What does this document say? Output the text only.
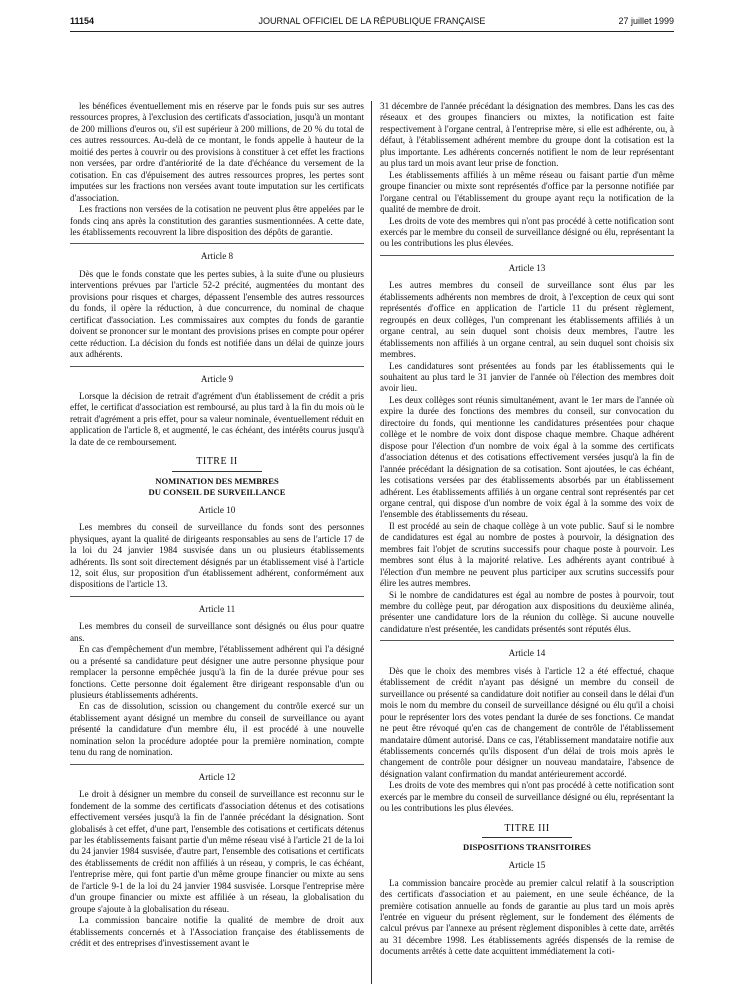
11154	JOURNAL OFFICIEL DE LA RÉPUBLIQUE FRANÇAISE	27 juillet 1999

les bénéfices éventuellement mis en réserve par le fonds puis sur ses autres ressources propres, à l'exclusion des certificats d'association, jusqu'à un montant de 200 millions d'euros ou, s'il est supérieur à 200 millions, de 20 % du total de ces autres ressources. Au-delà de ce montant, le fonds appelle à hauteur de la moitié des pertes à couvrir ou des provisions à constituer à cet effet les fractions non versées, par ordre d'antériorité de la date d'échéance du versement de la cotisation. En cas d'épuisement des autres ressources propres, les pertes sont imputées sur les fractions non versées avant toute imputation sur les certificats d'association.

Les fractions non versées de la cotisation ne peuvent plus être appelées par le fonds cinq ans après la constitution des garanties susmentionnées. A cette date, les établissements recouvrent la libre disposition des dépôts de garantie.

Article 8

Dès que le fonds constate que les pertes subies, à la suite d'une ou plusieurs interventions prévues par l'article 52-2 précité, augmentées du montant des provisions pour risques et charges, dépassent l'ensemble des autres ressources du fonds, il opère la réduction, à due concurrence, du nominal de chaque certificat d'association. Les commissaires aux comptes du fonds de garantie doivent se prononcer sur le montant des provisions prises en compte pour opérer cette réduction. La décision du fonds est notifiée dans un délai de quinze jours aux adhérents.

Article 9

Lorsque la décision de retrait d'agrément d'un établissement de crédit a pris effet, le certificat d'association est remboursé, au plus tard à la fin du mois où le retrait d'agrément a pris effet, pour sa valeur nominale, éventuellement réduit en application de l'article 8, et augmenté, le cas échéant, des intérêts courus jusqu'à la date de ce remboursement.

TITRE II

NOMINATION DES MEMBRES

DU CONSEIL DE SURVEILLANCE

Article 10

Les membres du conseil de surveillance du fonds sont des personnes physiques, ayant la qualité de dirigeants responsables au sens de l'article 17 de la loi du 24 janvier 1984 susvisée dans un ou plusieurs établissements adhérents. Ils sont soit directement désignés par un établissement visé à l'article 12, soit élus, sur proposition d'un établissement adhérent, conformément aux dispositions de l'article 13.

Article 11

Les membres du conseil de surveillance sont désignés ou élus pour quatre ans.

En cas d'empêchement d'un membre, l'établissement adhérent qui l'a désigné ou a présenté sa candidature peut désigner une autre personne physique pour remplacer la personne empêchée jusqu'à la fin de la durée prévue pour ses fonctions. Cette personne doit également être dirigeant responsable d'un ou plusieurs établissements adhérents.

En cas de dissolution, scission ou changement du contrôle exercé sur un établissement ayant désigné un membre du conseil de surveillance ou ayant présenté la candidature d'un membre élu, il est procédé à une nouvelle nomination selon la procédure adoptée pour la première nomination, compte tenu du rang de nomination.

Article 12

Le droit à désigner un membre du conseil de surveillance est reconnu sur le fondement de la somme des certificats d'association détenus et des cotisations effectivement versées jusqu'à la fin de l'année précédant la désignation. Sont globalisés à cet effet, d'une part, l'ensemble des cotisations et certificats détenus par les établissements faisant partie d'un même réseau visé à l'article 21 de la loi du 24 janvier 1984 susvisée, d'autre part, l'ensemble des cotisations et certificats des établissements de crédit non affiliés à un réseau, y compris, le cas échéant, l'entreprise mère, qui font partie d'un même groupe financier ou mixte au sens de l'article 9-1 de la loi du 24 janvier 1984 susvisée. Lorsque l'entreprise mère d'un groupe financier ou mixte est affiliée à un réseau, la globalisation du groupe s'ajoute à la globalisation du réseau.

La commission bancaire notifie la qualité de membre de droit aux établissements concernés et à l'Association française des établissements de crédit et des entreprises d'investissement avant le

31 décembre de l'année précédant la désignation des membres. Dans les cas des réseaux et des groupes financiers ou mixtes, la notification est faite respectivement à l'organe central, à l'entreprise mère, si elle est adhérente, ou, à défaut, à l'établissement adhérent membre du groupe dont la cotisation est la plus importante. Les adhérents concernés notifient le nom de leur représentant au plus tard un mois avant leur prise de fonction.

Les établissements affiliés à un même réseau ou faisant partie d'un même groupe financier ou mixte sont représentés d'office par la personne notifiée par l'organe central ou l'établissement du groupe ayant reçu la notification de la qualité de membre de droit.

Les droits de vote des membres qui n'ont pas procédé à cette notification sont exercés par le membre du conseil de surveillance désigné ou élu, représentant la ou les contributions les plus élevées.

Article 13

Les autres membres du conseil de surveillance sont élus par les établissements adhérents non membres de droit, à l'exception de ceux qui sont représentés d'office en application de l'article 11 du présent règlement, regroupés en deux collèges, l'un comprenant les établissements affiliés à un organe central, au sein duquel sont choisis deux membres, l'autre les établissements non affiliés à un organe central, au sein duquel sont choisis six membres.

Les candidatures sont présentées au fonds par les établissements qui le souhaitent au plus tard le 31 janvier de l'année où l'élection des membres doit avoir lieu.

Les deux collèges sont réunis simultanément, avant le 1er mars de l'année où expire la durée des fonctions des membres du conseil, sur convocation du directoire du fonds, qui mentionne les candidatures présentées pour chaque collège et le nombre de voix dont dispose chaque membre. Chaque adhérent dispose pour l'élection d'un nombre de voix égal à la somme des certificats d'association détenus et des cotisations effectivement versées jusqu'à la fin de l'année précédant la désignation de sa cotisation. Sont ajoutées, le cas échéant, les cotisations versées par des établissements absorbés par un établissement adhérent. Les établissements affiliés à un organe central sont représentés par cet organe central, qui dispose d'un nombre de voix égal à la somme des voix de l'ensemble des établissements du réseau.

Il est procédé au sein de chaque collège à un vote public. Sauf si le nombre de candidatures est égal au nombre de postes à pourvoir, la désignation des membres fait l'objet de scrutins successifs pour chaque poste à pourvoir. Les membres sont élus à la majorité relative. Les adhérents ayant contribué à l'élection d'un membre ne peuvent plus participer aux scrutins successifs pour élire les autres membres.

Si le nombre de candidatures est égal au nombre de postes à pourvoir, tout membre du collège peut, par dérogation aux dispositions du deuxième alinéa, présenter une candidature lors de la réunion du collège. Si aucune nouvelle candidature n'est présentée, les candidats présentés sont réputés élus.

Article 14

Dès que le choix des membres visés à l'article 12 a été effectué, chaque établissement de crédit n'ayant pas désigné un membre du conseil de surveillance ou présenté sa candidature doit notifier au conseil dans le délai d'un mois le nom du membre du conseil de surveillance désigné ou élu qu'il a choisi pour le représenter lors des votes pendant la durée de ses fonctions. Ce mandat ne peut être révoqué qu'en cas de changement de contrôle de l'établissement mandataire dûment autorisé. Dans ce cas, l'établissement mandataire notifie aux établissements concernés qu'ils disposent d'un délai de trois mois après le changement de contrôle pour désigner un nouveau mandataire, l'absence de désignation valant confirmation du mandat antérieurement accordé.

Les droits de vote des membres qui n'ont pas procédé à cette notification sont exercés par le membre du conseil de surveillance désigné ou élu, représentant la ou les contributions les plus élevées.

TITRE III

DISPOSITIONS TRANSITOIRES

Article 15

La commission bancaire procède au premier calcul relatif à la souscription des certificats d'association et au paiement, en une seule échéance, de la première cotisation annuelle au fonds de garantie au plus tard un mois après l'entrée en vigueur du présent règlement, sur le fondement des éléments de calcul prévus par l'annexe au présent règlement disponibles à cette date, arrêtés au 31 décembre 1998. Les établissements agréés dispensés de la remise de documents arrêtés à cette date acquittent immédiatement la coti-
